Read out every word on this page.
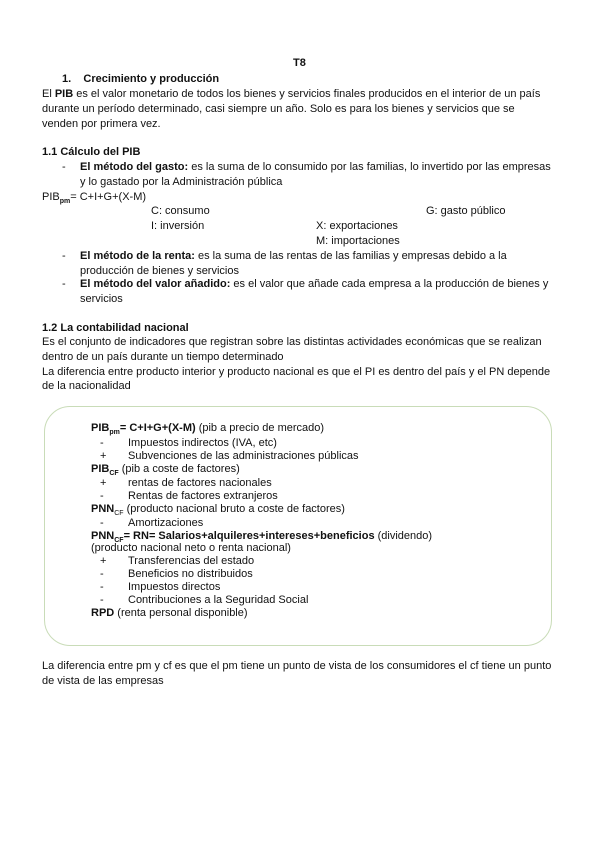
T8
1. Crecimiento y producción
El PIB es el valor monetario de todos los bienes y servicios finales producidos en el interior de un país
durante un período determinado, casi siempre un año. Solo es para los bienes y servicios que se
venden por primera vez.
1.1 Cálculo del PIB
- El método del gasto: es la suma de lo consumido por las familias, lo invertido por las empresas
y lo gastado por la Administración pública
$PIB_{pm}= C+I+G+(X-M)$
C: consumo	G: gasto público
I: inversión	X: exportaciones
M: importaciones
- El método de la renta: es la suma de las rentas de las familias y empresas debido a la
producción de bienes y servicios
- El método del valor añadido: es el valor que añade cada empresa a la producción de bienes y
servicios
1.2 La contabilidad nacional
Es el conjunto de indicadores que registran sobre las distintas actividades económicas que se realizan
dentro de un país durante un tiempo determinado
La diferencia entre producto interior y producto nacional es que el PI es dentro del país y el PN depende
de la nacionalidad
$PIB_{pm}= C+I+G+(X-M)$ (pib a precio de mercado)
- Impuestos indirectos (IVA, etc)
+ Subvenciones de las administraciones públicas
$PIB_{CF}$ (pib a coste de factores)
+ rentas de factores nacionales
- Rentas de factores extranjeros
$PNN_{CF}$ (producto nacional bruto a coste de factores)
- Amortizaciones
$PNN_{CF}= RN=$ Salarios+alquileres+intereses+beneficios (dividendo)
(producto nacional neto o renta nacional)
+ Transferencias del estado
- Beneficios no distribuidos
- Impuestos directos
- Contribuciones a la Seguridad Social
RPD (renta personal disponible)
La diferencia entre pm y cf es que el pm tiene un punto de vista de los consumidores el cf tiene un punto
de vista de las empresas
